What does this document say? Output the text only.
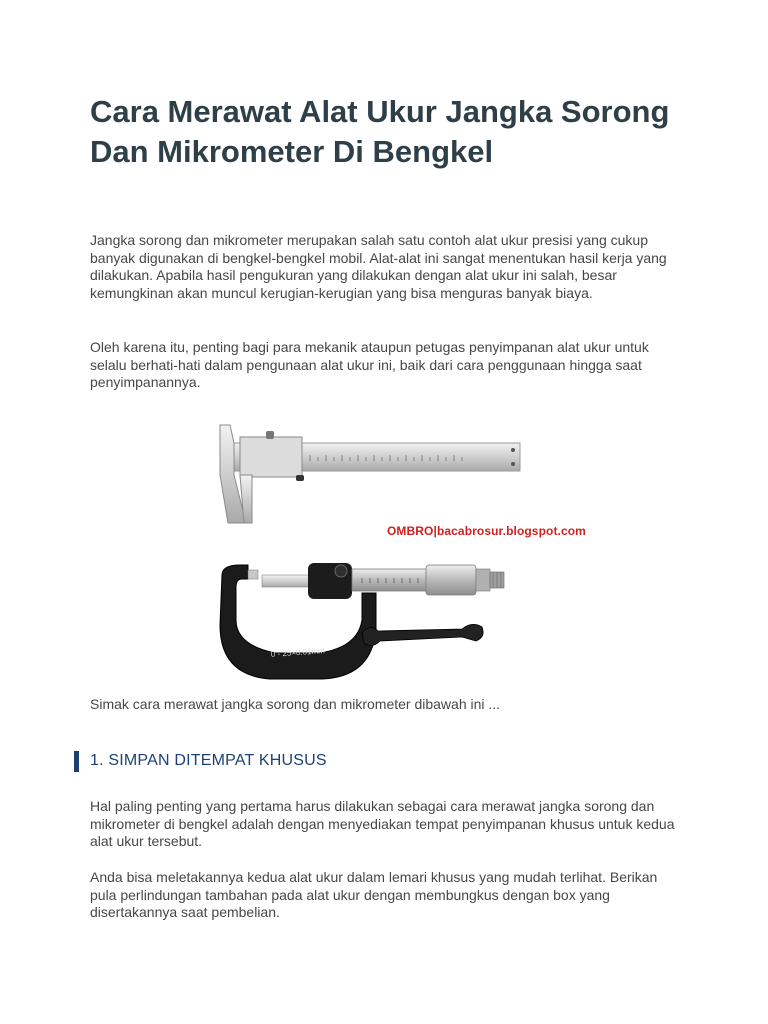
Cara Merawat Alat Ukur Jangka Sorong Dan Mikrometer Di Bengkel

Jangka sorong dan mikrometer merupakan salah satu contoh alat ukur presisi yang cukup banyak digunakan di bengkel-bengkel mobil. Alat-alat ini sangat menentukan hasil kerja yang dilakukan. Apabila hasil pengukuran yang dilakukan dengan alat ukur ini salah, besar kemungkinan akan muncul kerugian-kerugian yang bisa menguras banyak biaya.

Oleh karena itu, penting bagi para mekanik ataupun petugas penyimpanan alat ukur untuk selalu berhati-hati dalam pengunaan alat ukur ini, baik dari cara penggunaan hingga saat penyimpanannya.

OMBRO|bacabrosur.blogspot.com
0 - 25×0.01mm

Simak cara merawat jangka sorong dan mikrometer dibawah ini ...

1. SIMPAN DITEMPAT KHUSUS

Hal paling penting yang pertama harus dilakukan sebagai cara merawat jangka sorong dan mikrometer di bengkel adalah dengan menyediakan tempat penyimpanan khusus untuk kedua alat ukur tersebut.

Anda bisa meletakannya kedua alat ukur dalam lemari khusus yang mudah terlihat. Berikan pula perlindungan tambahan pada alat ukur dengan membungkus dengan box yang disertakannya saat pembelian.
